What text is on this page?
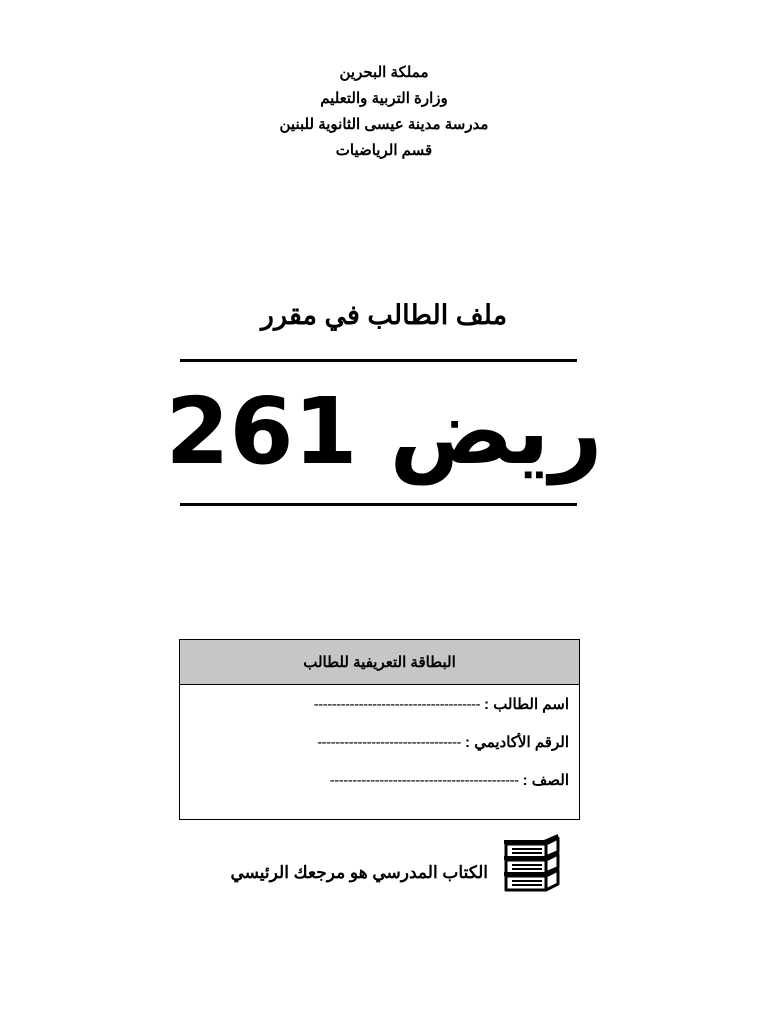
مملكة البحرين
وزارة التربية والتعليم
مدرسة مدينة عيسى الثانوية للبنين
قسم الرياضيات
ملف الطالب في مقرر
ريض 261
البطاقة التعريفية للطالب
اسم الطالب :
-------------------------------------
الرقم الأكاديمي :
--------------------------------
الصف :
------------------------------------------
الكتاب المدرسي هو مرجعك الرئيسي
